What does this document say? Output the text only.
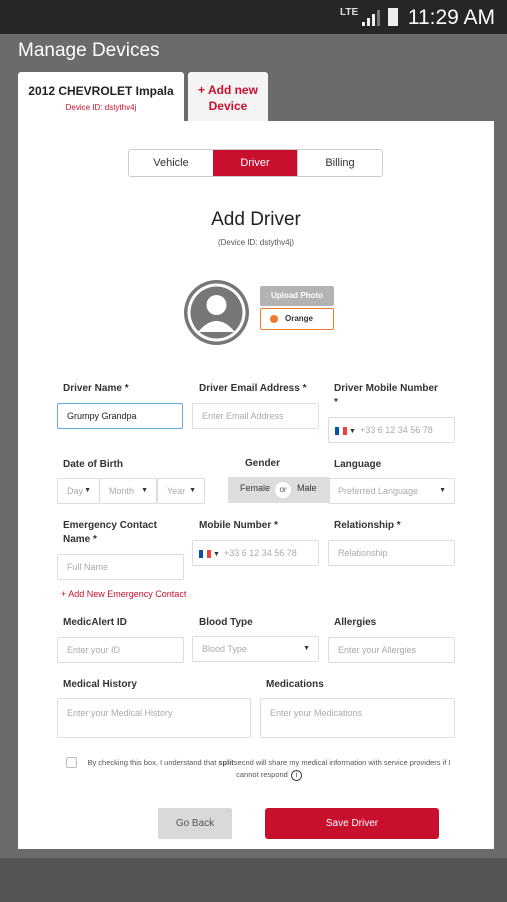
LTE 11:29 AM
Manage Devices
2012 CHEVROLET Impala
Device ID: dstythv4j
+ Add new
Device
Vehicle	Driver	Billing
Add Driver
(Device ID: dstythv4j)
Upload Photo
Orange
Driver Name *
Grumpy Grandpa
Driver Email Address *
Enter Email Address
Driver Mobile Number
*
▼ +33 6 12 34 56 78
Date of Birth
Day ▼	Month ▼	Year ▼
Gender
Female	or	Male
Language
Preferred Language	▼
Emergency Contact
Name *
Full Name
Mobile Number *
▼ +33 6 12 34 56 78
Relationship *
Relationship
+ Add New Emergency Contact
MedicAlert ID
Enter your ID
Blood Type
Blood Type	▼
Allergies
Enter your Allergies
Medical History
Enter your Medical History
Medications
Enter your Medications
By checking this box, I understand that splitsecnd will share my medical information with service providers if I cannot respond i
Go Back	Save Driver
